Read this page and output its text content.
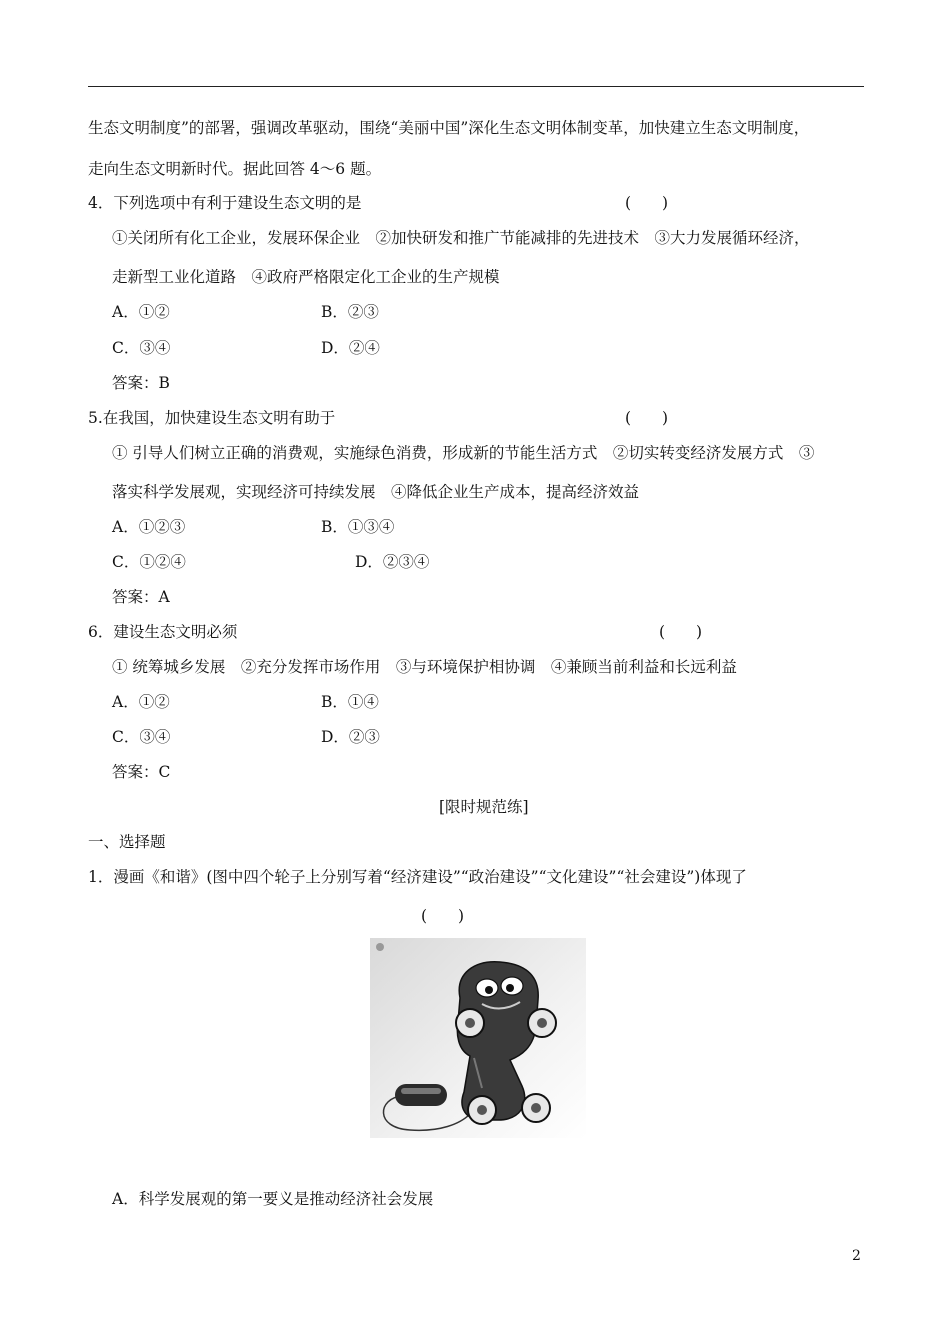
生态文明制度”的部署，强调改革驱动，围绕“美丽中国”深化生态文明体制变革，加快建立生态文明制度，
走向生态文明新时代。据此回答 4～6 题。
4．下列选项中有利于建设生态文明的是	(　　)
①关闭所有化工企业，发展环保企业　②加快研发和推广节能减排的先进技术　③大力发展循环经济，
走新型工业化道路　④政府严格限定化工企业的生产规模
A．①②	B．②③
C．③④	D．②④
答案：B
5.在我国，加快建设生态文明有助于	(　　)
① 引导人们树立正确的消费观，实施绿色消费，形成新的节能生活方式　②切实转变经济发展方式　③
落实科学发展观，实现经济可持续发展　④降低企业生产成本，提高经济效益
A．①②③	B．①③④
C．①②④	D．②③④
答案：A
6．建设生态文明必须	(　　)
① 统筹城乡发展　②充分发挥市场作用　③与环境保护相协调　④兼顾当前利益和长远利益
A．①②	B．①④
C．③④	D．②③
答案：C
[限时规范练]
一、选择题
1．漫画《和谐》(图中四个轮子上分别写着“经济建设”“政治建设”“文化建设”“社会建设”)体现了
(　　)
A．科学发展观的第一要义是推动经济社会发展
2
